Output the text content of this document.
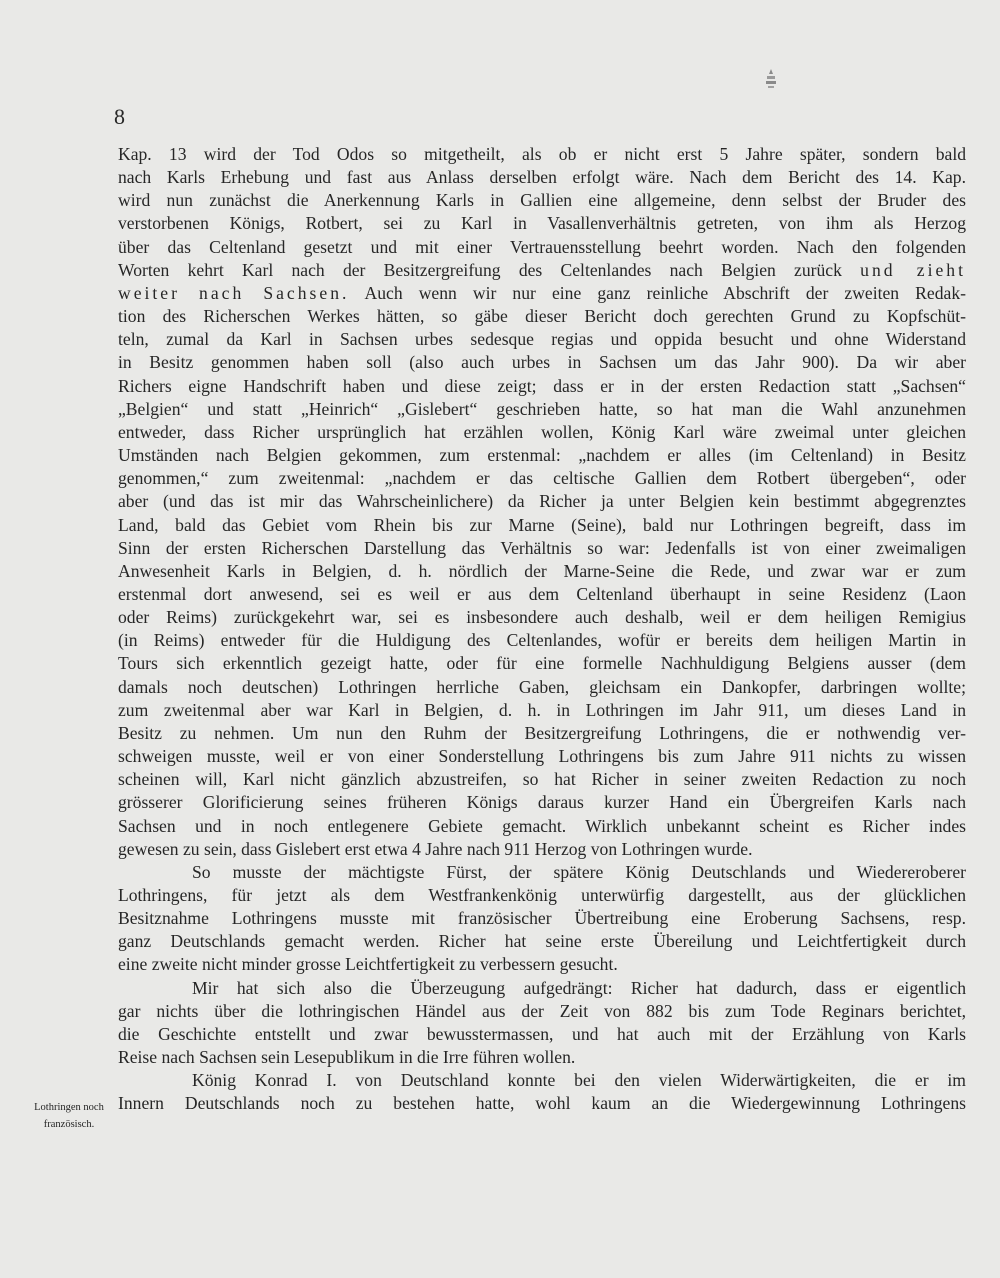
8
Kap. 13 wird der Tod Odos so mitgetheilt, als ob er nicht erst 5 Jahre später, sondern bald
nach Karls Erhebung und fast aus Anlass derselben erfolgt wäre. Nach dem Bericht des 14. Kap.
wird nun zunächst die Anerkennung Karls in Gallien eine allgemeine, denn selbst der Bruder des
verstorbenen Königs, Rotbert, sei zu Karl in Vasallenverhältnis getreten, von ihm als Herzog
über das Celtenland gesetzt und mit einer Vertrauensstellung beehrt worden. Nach den folgenden
Worten kehrt Karl nach der Besitzergreifung des Celtenlandes nach Belgien zurück und zieht
weiter nach Sachsen. Auch wenn wir nur eine ganz reinliche Abschrift der zweiten Redak-
tion des Richerschen Werkes hätten, so gäbe dieser Bericht doch gerechten Grund zu Kopfschüt-
teln, zumal da Karl in Sachsen urbes sedesque regias und oppida besucht und ohne Widerstand
in Besitz genommen haben soll (also auch urbes in Sachsen um das Jahr 900). Da wir aber
Richers eigne Handschrift haben und diese zeigt; dass er in der ersten Redaction statt „Sachsen“
„Belgien“ und statt „Heinrich“ „Gislebert“ geschrieben hatte, so hat man die Wahl anzunehmen
entweder, dass Richer ursprünglich hat erzählen wollen, König Karl wäre zweimal unter gleichen
Umständen nach Belgien gekommen, zum erstenmal: „nachdem er alles (im Celtenland) in Besitz
genommen,“ zum zweitenmal: „nachdem er das celtische Gallien dem Rotbert übergeben“, oder
aber (und das ist mir das Wahrscheinlichere) da Richer ja unter Belgien kein bestimmt abgegrenztes
Land, bald das Gebiet vom Rhein bis zur Marne (Seine), bald nur Lothringen begreift, dass im
Sinn der ersten Richerschen Darstellung das Verhältnis so war: Jedenfalls ist von einer zweimaligen
Anwesenheit Karls in Belgien, d. h. nördlich der Marne-Seine die Rede, und zwar war er zum
erstenmal dort anwesend, sei es weil er aus dem Celtenland überhaupt in seine Residenz (Laon
oder Reims) zurückgekehrt war, sei es insbesondere auch deshalb, weil er dem heiligen Remigius
(in Reims) entweder für die Huldigung des Celtenlandes, wofür er bereits dem heiligen Martin in
Tours sich erkenntlich gezeigt hatte, oder für eine formelle Nachhuldigung Belgiens ausser (dem
damals noch deutschen) Lothringen herrliche Gaben, gleichsam ein Dankopfer, darbringen wollte;
zum zweitenmal aber war Karl in Belgien, d. h. in Lothringen im Jahr 911, um dieses Land in
Besitz zu nehmen. Um nun den Ruhm der Besitzergreifung Lothringens, die er nothwendig ver-
schweigen musste, weil er von einer Sonderstellung Lothringens bis zum Jahre 911 nichts zu wissen
scheinen will, Karl nicht gänzlich abzustreifen, so hat Richer in seiner zweiten Redaction zu noch
grösserer Glorificierung seines früheren Königs daraus kurzer Hand ein Übergreifen Karls nach
Sachsen und in noch entlegenere Gebiete gemacht. Wirklich unbekannt scheint es Richer indes
gewesen zu sein, dass Gislebert erst etwa 4 Jahre nach 911 Herzog von Lothringen wurde.
So musste der mächtigste Fürst, der spätere König Deutschlands und Wiedereroberer
Lothringens, für jetzt als dem Westfrankenkönig unterwürfig dargestellt, aus der glücklichen
Besitznahme Lothringens musste mit französischer Übertreibung eine Eroberung Sachsens, resp.
ganz Deutschlands gemacht werden. Richer hat seine erste Übereilung und Leichtfertigkeit durch
eine zweite nicht minder grosse Leichtfertigkeit zu verbessern gesucht.
Mir hat sich also die Überzeugung aufgedrängt: Richer hat dadurch, dass er eigentlich
gar nichts über die lothringischen Händel aus der Zeit von 882 bis zum Tode Reginars berichtet,
die Geschichte entstellt und zwar bewusstermassen, und hat auch mit der Erzählung von Karls
Reise nach Sachsen sein Lesepublikum in die Irre führen wollen.
König Konrad I. von Deutschland konnte bei den vielen Widerwärtigkeiten, die er im
Innern Deutschlands noch zu bestehen hatte, wohl kaum an die Wiedergewinnung Lothringens
Lothringen noch
französisch.
